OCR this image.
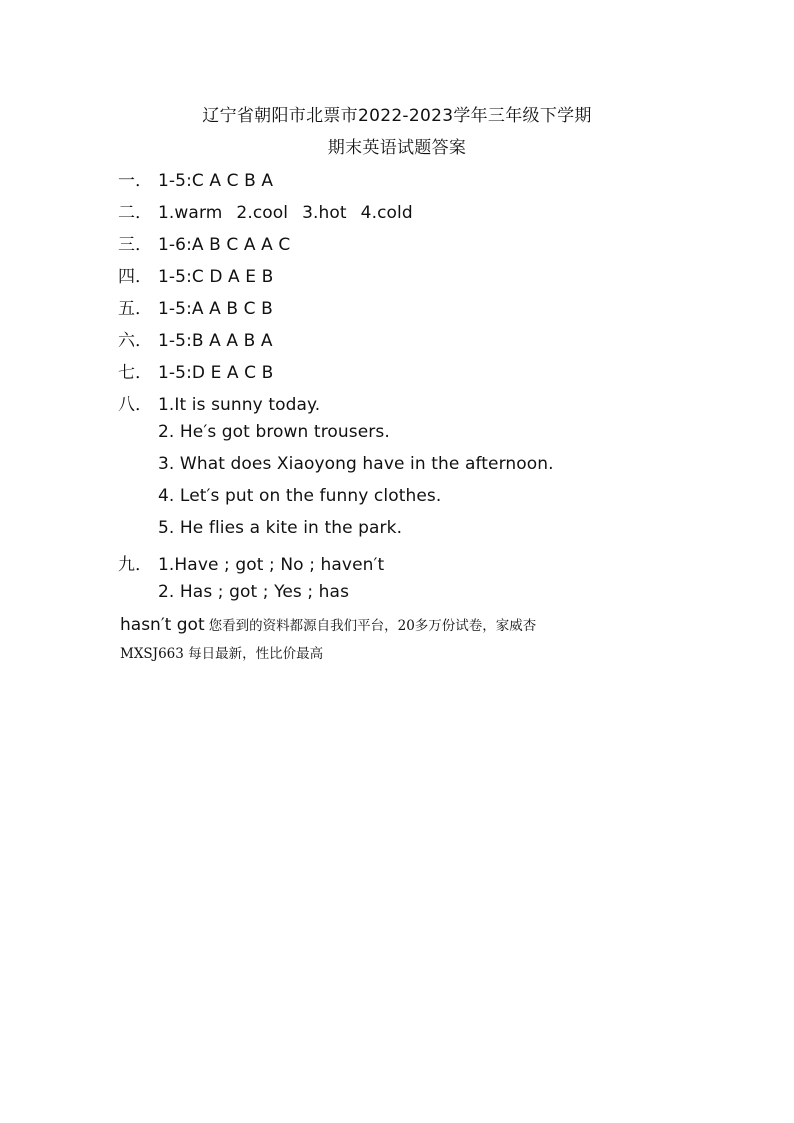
辽宁省朝阳市北票市2022-2023学年三年级下学期
期末英语试题答案
一． 1-5:C A C B A
二． 1.warm 2.cool 3.hot 4.cold
三． 1-6:A B C A A C
四． 1-5:C D A E B
五． 1-5:A A B C B
六． 1-5:B A A B A
七． 1-5:D E A C B
八． 1.It is sunny today.
2. He′s got brown trousers.
3. What does Xiaoyong have in the afternoon.
4. Let′s put on the funny clothes.
5. He flies a kite in the park.
九． 1.Have ; got ; No ; haven′t
2. Has ; got ; Yes ; has
hasn′t got 您看到的资料都源自我们平台，20多万份试卷，家威杏
MXSJ663 每日最新，性比价最高
